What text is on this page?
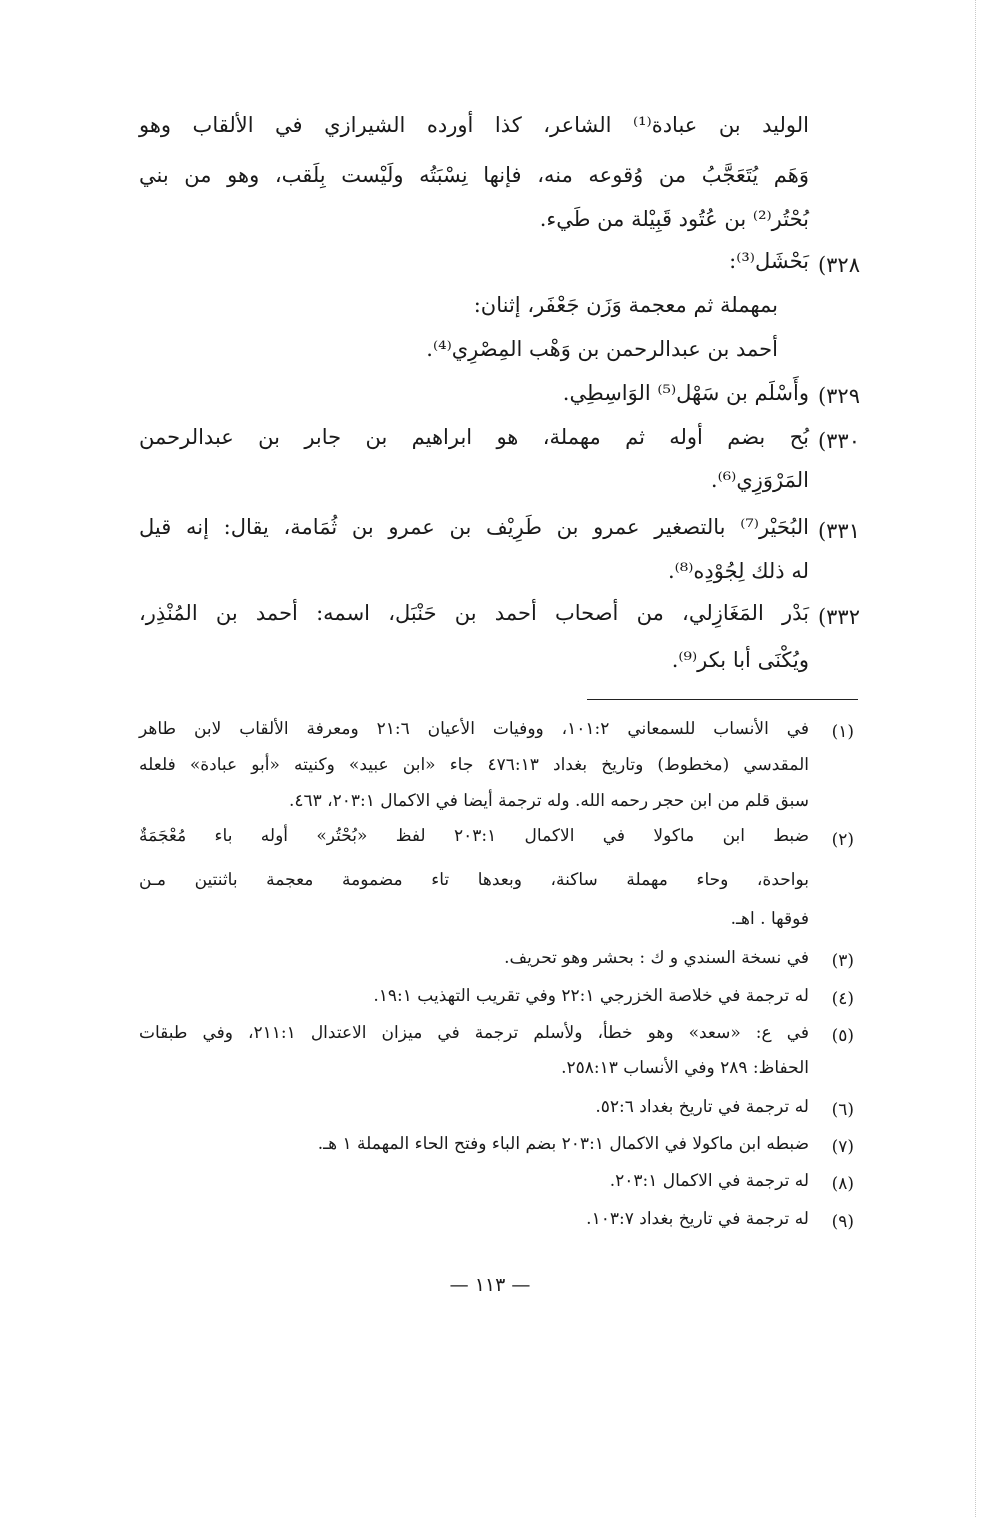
الوليد بن عبادة⁽¹⁾ الشاعر، كذا أورده الشيرازي في الألقاب وهو
وَهَم يُتَعَجَّبُ من وُقوعه منه، فإنها نِسْبَتُه ولَيْست بِلَقب، وهو من بني
بُحْتُر⁽²⁾ بن عُتُود قَبِيْلة من طَيء.
٣٢٨)
بَحْشَل⁽³⁾:
بمهملة ثم معجمة وَزَن جَعْفَر، إثنان:
أحمد بن عبدالرحمن بن وَهْب المِصْرِي⁽⁴⁾.
٣٢٩)
وأَسْلَم بن سَهْل⁽⁵⁾ الوَاسِطِي.
٣٣٠)
بُح بضم أوله ثم مهملة، هو ابراهيم بن جابر بن عبدالرحمن
المَرْوَزِي⁽⁶⁾.
٣٣١)
البُحَيْر⁽⁷⁾ بالتصغير عمرو بن طَرِيْف بن عمرو بن ثُمَامة، يقال: إنه قيل
له ذلك لِجُوْدِه⁽⁸⁾.
٣٣٢)
بَدْر المَغَازِلي، من أصحاب أحمد بن حَنْبَل، اسمه: أحمد بن المُنْذِر،
ويُكْنَى أبا بكر⁽⁹⁾.
(١)
في الأنساب للسمعاني ١٠١:٢، ووفيات الأعيان ٢١:٦ ومعرفة الألقاب لابن طاهر
المقدسي (مخطوط) وتاريخ بغداد ٤٧٦:١٣ جاء «ابن عبيد» وكنيته «أبو عبادة» فلعله
سبق قلم من ابن حجر رحمه الله. وله ترجمة أيضا في الاكمال ٢٠٣:١، ٤٦٣.
(٢)
ضبط ابن ماكولا في الاكمال ٢٠٣:١ لفظ «بُحْتُر» أوله باء مُعْجَمَةٌ
بواحدة، وحاء مهملة ساكنة، وبعدها تاء مضمومة معجمة باثنتين مـن
فوقها . اهـ.
(٣)
في نسخة السندي و ك : بحشر وهو تحريف.
(٤)
له ترجمة في خلاصة الخزرجي ٢٢:١ وفي تقريب التهذيب ١٩:١.
(٥)
في ع: «سعد» وهو خطأ، ولأسلم ترجمة في ميزان الاعتدال ٢١١:١، وفي طبقات
الحفاظ: ٢٨٩ وفي الأنساب ٢٥٨:١٣.
(٦)
له ترجمة في تاريخ بغداد ٥٢:٦.
(٧)
ضبطه ابن ماكولا في الاكمال ٢٠٣:١ بضم الباء وفتح الحاء المهملة ١ هـ.
(٨)
له ترجمة في الاكمال ٢٠٣:١.
(٩)
له ترجمة في تاريخ بغداد ١٠٣:٧.
— ١١٣ —
